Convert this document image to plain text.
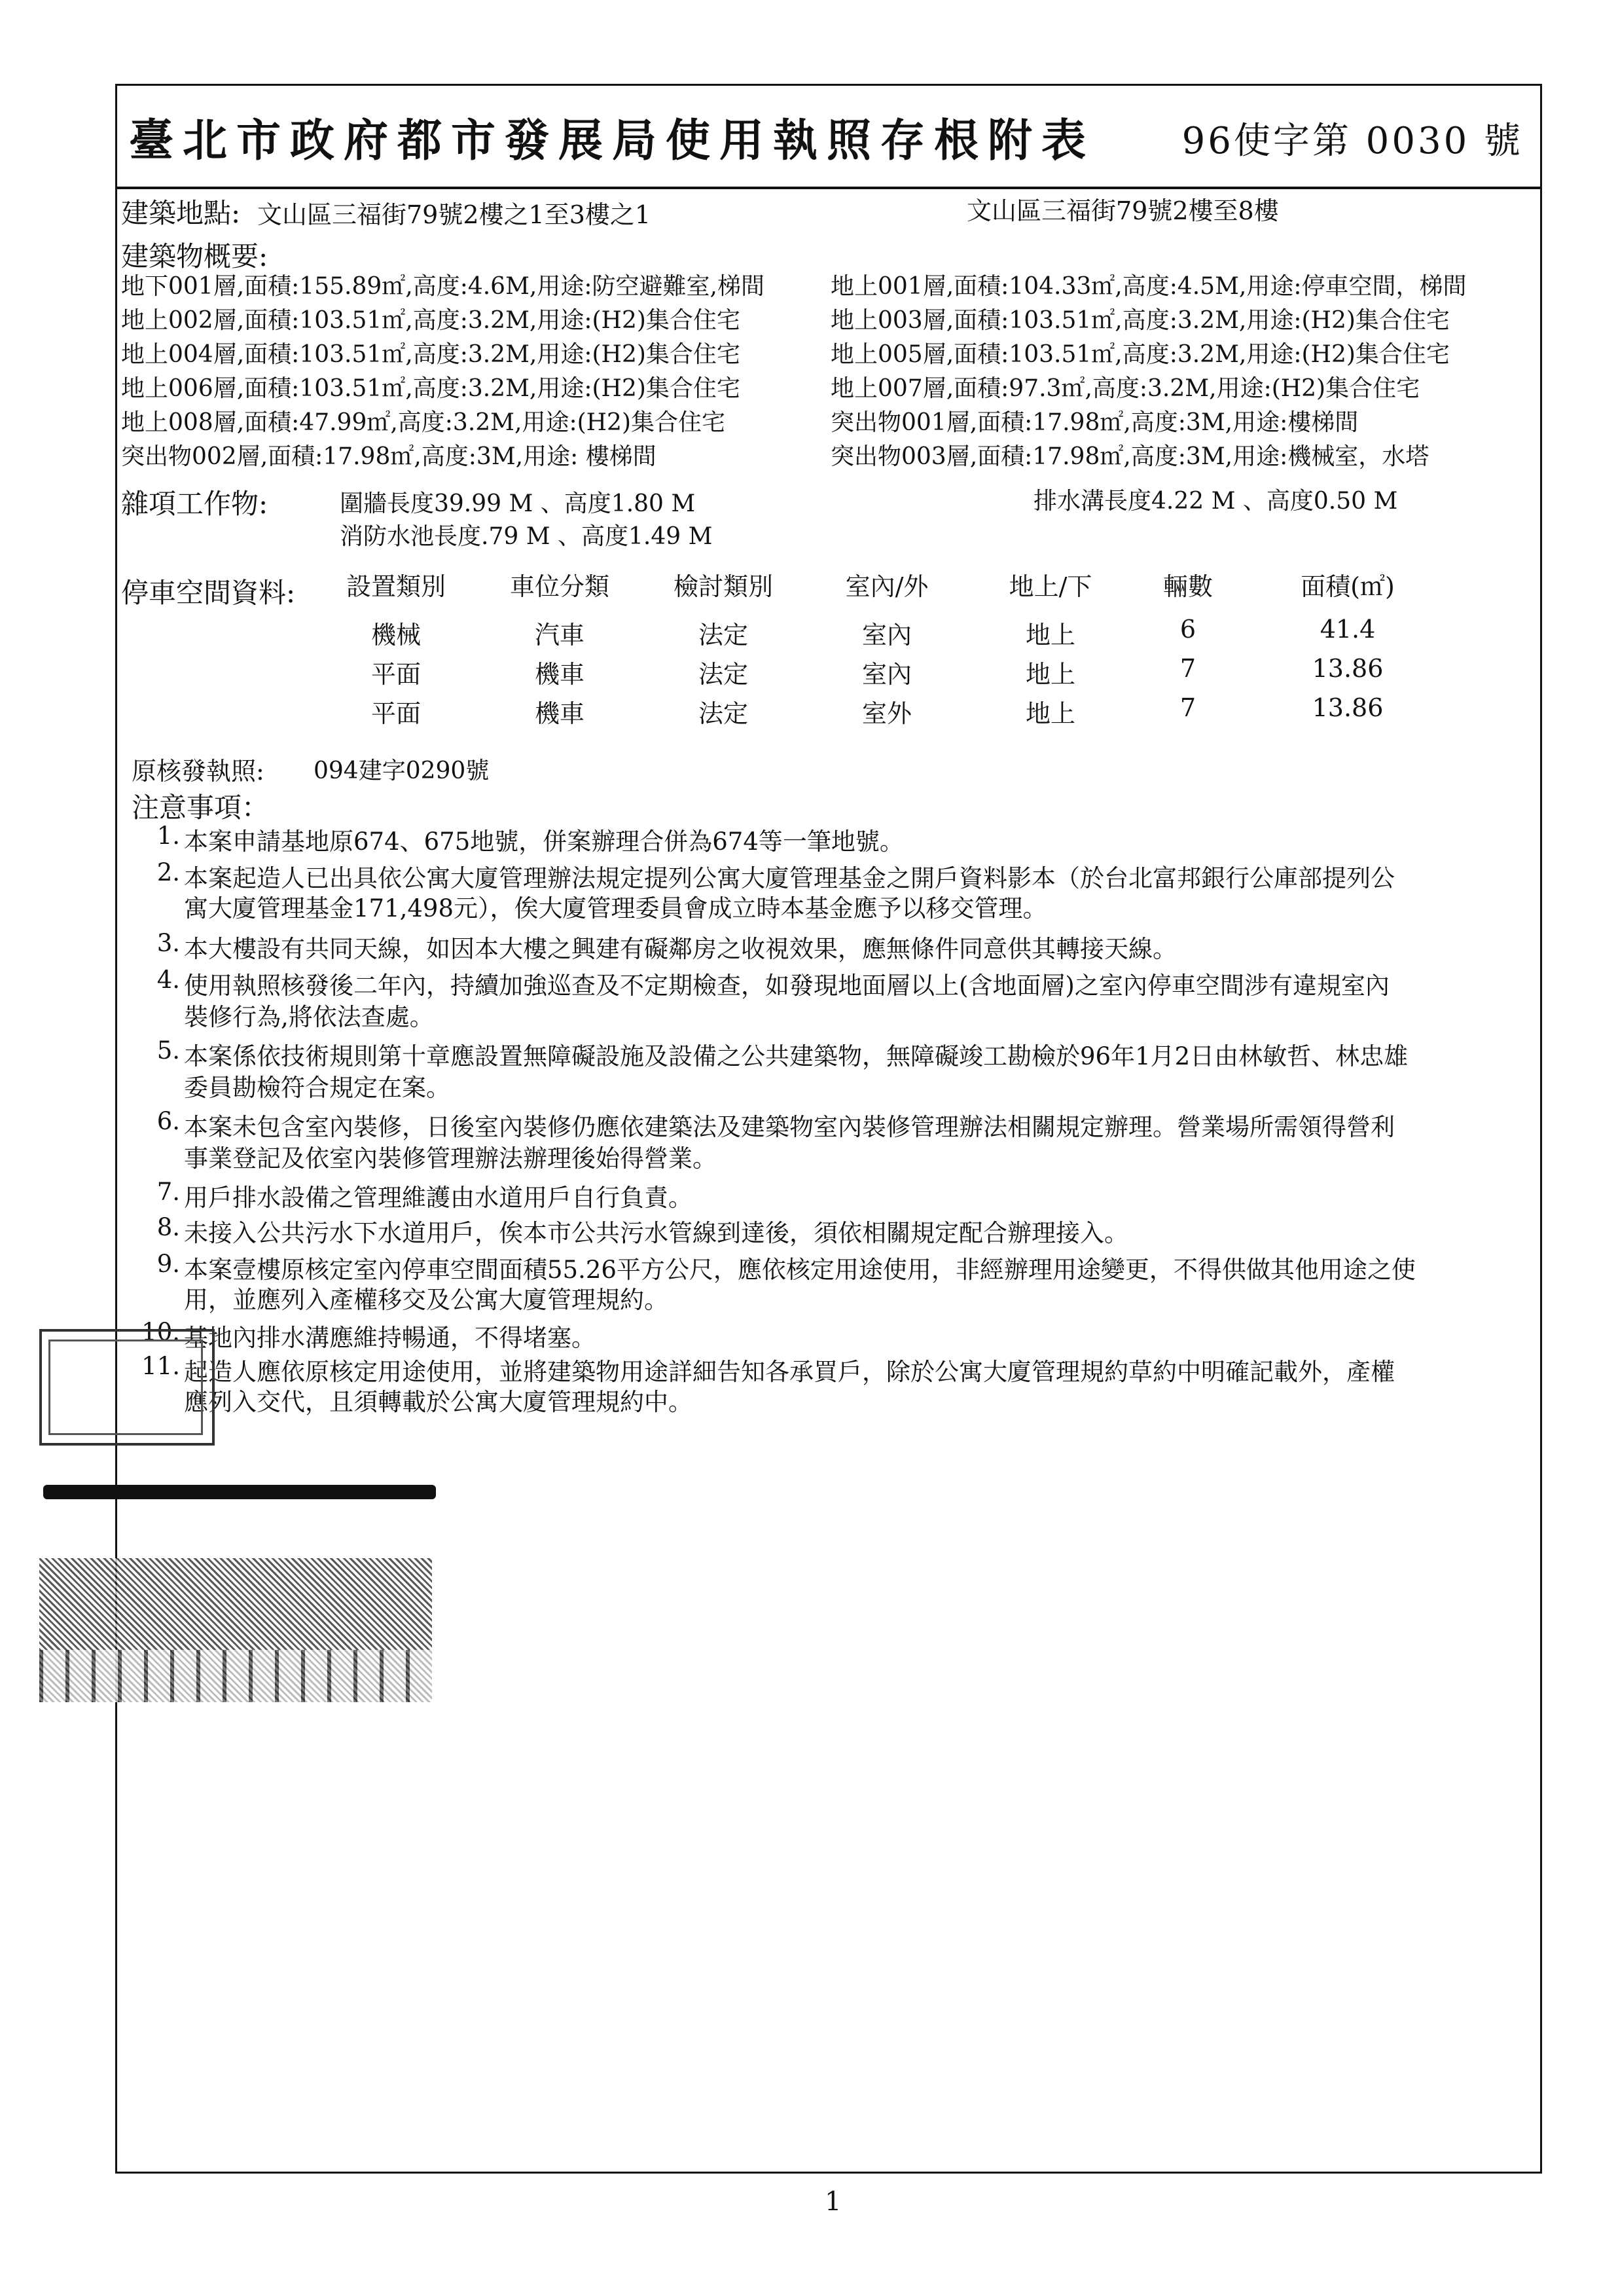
臺北市政府都市發展局使用執照存根附表 96使字第 0030 號
建築地點: 文山區三福街79號2樓之1至3樓之1	文山區三福街79號2樓至8樓
建築物概要:
地下001層,面積:155.89㎡,高度:4.6M,用途:防空避難室,梯間
地上002層,面積:103.51㎡,高度:3.2M,用途:(H2)集合住宅
地上004層,面積:103.51㎡,高度:3.2M,用途:(H2)集合住宅
地上006層,面積:103.51㎡,高度:3.2M,用途:(H2)集合住宅
地上008層,面積:47.99㎡,高度:3.2M,用途:(H2)集合住宅
突出物002層,面積:17.98㎡,高度:3M,用途: 樓梯間
地上001層,面積:104.33㎡,高度:4.5M,用途:停車空間，梯間
地上003層,面積:103.51㎡,高度:3.2M,用途:(H2)集合住宅
地上005層,面積:103.51㎡,高度:3.2M,用途:(H2)集合住宅
地上007層,面積:97.3㎡,高度:3.2M,用途:(H2)集合住宅
突出物001層,面積:17.98㎡,高度:3M,用途:樓梯間
突出物003層,面積:17.98㎡,高度:3M,用途:機械室，水塔
雜項工作物:	圍牆長度39.99 M 、高度1.80 M	排水溝長度4.22 M 、高度0.50 M
消防水池長度.79 M 、高度1.49 M
停車空間資料:	設置類別	車位分類	檢討類別	室內/外	地上/下	輛數	面積(㎡)
機械	汽車	法定	室內	地上	6	41.4
平面	機車	法定	室內	地上	7	13.86
平面	機車	法定	室外	地上	7	13.86
原核發執照: 094建字0290號
注意事項：
1. 本案申請基地原674、675地號，併案辦理合併為674等一筆地號。
2. 本案起造人已出具依公寓大廈管理辦法規定提列公寓大廈管理基金之開戶資料影本（於台北富邦銀行公庫部提列公
寓大廈管理基金171,498元），俟大廈管理委員會成立時本基金應予以移交管理。
3. 本大樓設有共同天線，如因本大樓之興建有礙鄰房之收視效果，應無條件同意供其轉接天線。
4. 使用執照核發後二年內，持續加強巡查及不定期檢查，如發現地面層以上(含地面層)之室內停車空間涉有違規室內
裝修行為,將依法查處。
5. 本案係依技術規則第十章應設置無障礙設施及設備之公共建築物，無障礙竣工勘檢於96年1月2日由林敏哲、林忠雄
委員勘檢符合規定在案。
6. 本案未包含室內裝修，日後室內裝修仍應依建築法及建築物室內裝修管理辦法相關規定辦理。營業場所需領得營利
事業登記及依室內裝修管理辦法辦理後始得營業。
7. 用戶排水設備之管理維護由水道用戶自行負責。
8. 未接入公共污水下水道用戶，俟本市公共污水管線到達後，須依相關規定配合辦理接入。
9. 本案壹樓原核定室內停車空間面積55.26平方公尺，應依核定用途使用，非經辦理用途變更，不得供做其他用途之使
用，並應列入產權移交及公寓大廈管理規約。
10. 基地內排水溝應維持暢通，不得堵塞。
11. 起造人應依原核定用途使用，並將建築物用途詳細告知各承買戶，除於公寓大廈管理規約草約中明確記載外，產權
應列入交代，且須轉載於公寓大廈管理規約中。
1
